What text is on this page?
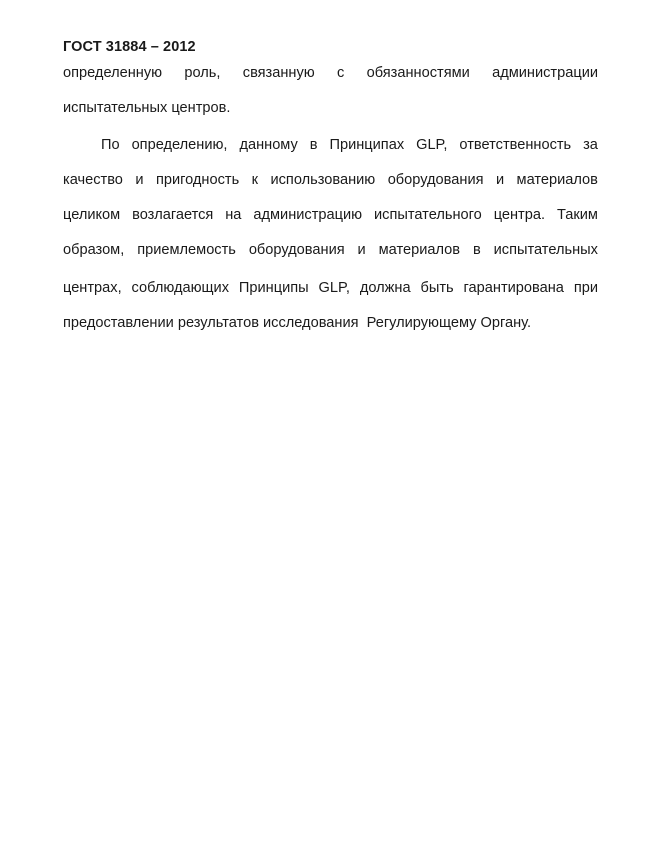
ГОСТ 31884 – 2012
определенную роль, связанную с обязанностями администрации
испытательных центров.
По определению, данному в Принципах GLP, ответственность за
качество и пригодность к использованию оборудования и материалов
целиком возлагается на администрацию испытательного центра. Таким
образом, приемлемость оборудования и материалов в испытательных
центрах, соблюдающих Принципы GLP, должна быть гарантирована при
предоставлении результатов исследования  Регулирующему Органу.
